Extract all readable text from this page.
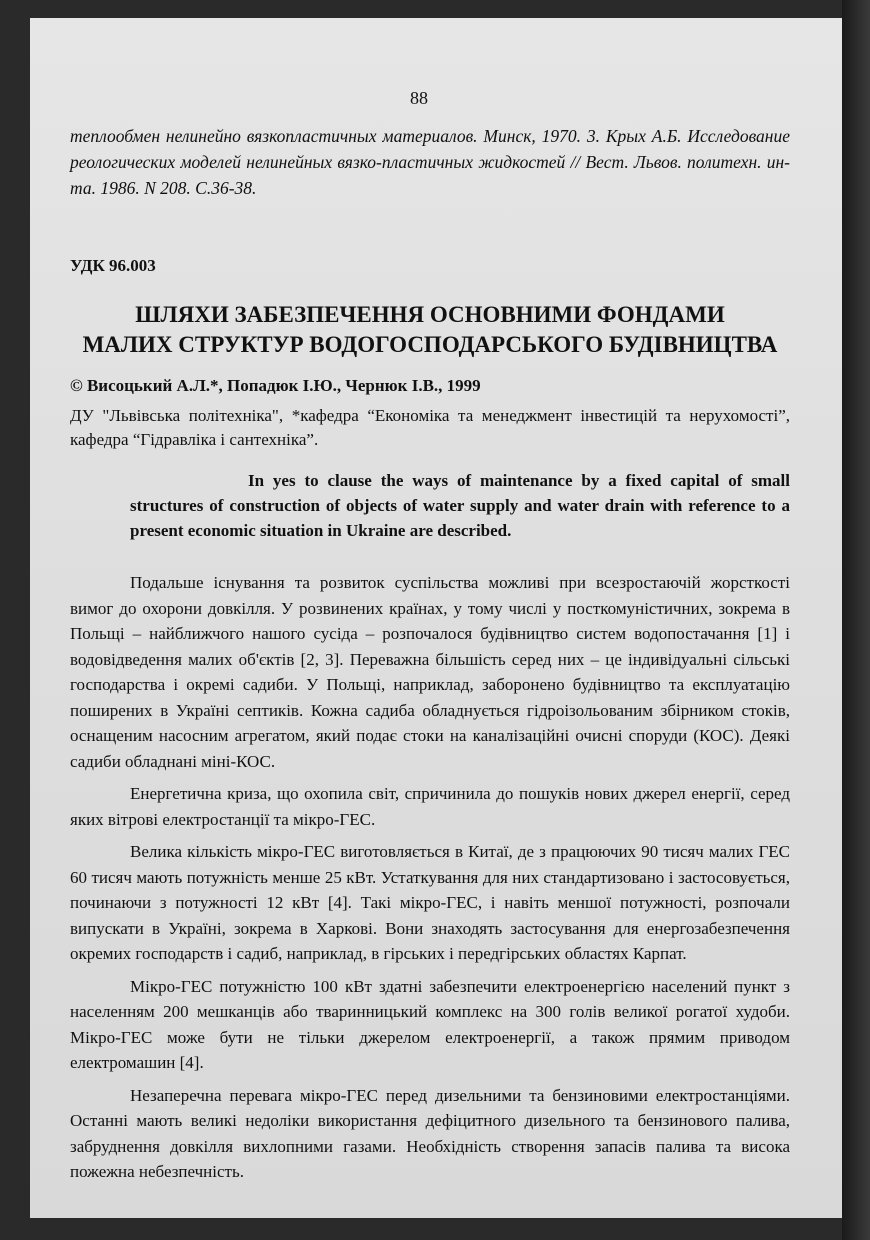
88
теплообмен нелинейно вязкопластичных материалов. Минск, 1970. 3. Крых А.Б. Исследование реологических моделей нелинейных вязко-пластичных жидкостей // Вест. Львов. политехн. ин-та. 1986. N 208. С.36-38.
УДК 96.003
ШЛЯХИ ЗАБЕЗПЕЧЕННЯ ОСНОВНИМИ ФОНДАМИ
МАЛИХ СТРУКТУР ВОДОГОСПОДАРСЬКОГО БУДІВНИЦТВА
© Висоцький А.Л.*, Попадюк І.Ю., Чернюк І.В., 1999
ДУ "Львівська політехніка", *кафедра “Економіка та менеджмент інвестицій та нерухомості”, кафедра “Гідравліка і сантехніка”.
In yes to clause the ways of maintenance by a fixed capital of small structures of construction of objects of water supply and water drain with reference to a present economic situation in Ukraine are described.

Подальше існування та розвиток суспільства можливі при всезростаючій жорсткості вимог до охорони довкілля. У розвинених країнах, у тому числі у посткомуністичних, зокрема в Польщі – найближчого нашого сусіда – розпочалося будівництво систем водопостачання [1] і водовідведення малих об'єктів [2, 3]. Переважна більшість серед них – це індивідуальні сільські господарства і окремі садиби. У Польщі, наприклад, заборонено будівництво та експлуатацію поширених в Україні септиків. Кожна садиба обладнується гідроізольованим збірником стоків, оснащеним насосним агрегатом, який подає стоки на каналізаційні очисні споруди (КОС). Деякі садиби обладнані міні-КОС.

Енергетична криза, що охопила світ, спричинила до пошуків нових джерел енергії, серед яких вітрові електростанції та мікро-ГЕС.

Велика кількість мікро-ГЕС виготовляється в Китаї, де з працюючих 90 тисяч малих ГЕС 60 тисяч мають потужність менше 25 кВт. Устаткування для них стандартизовано і застосовується, починаючи з потужності 12 кВт [4]. Такі мікро-ГЕС, і навіть меншої потужності, розпочали випускати в Україні, зокрема в Харкові. Вони знаходять застосування для енергозабезпечення окремих господарств і садиб, наприклад, в гірських і передгірських областях Карпат.

Мікро-ГЕС потужністю 100 кВт здатні забезпечити електроенергією населений пункт з населенням 200 мешканців або тваринницький комплекс на 300 голів великої рогатої худоби. Мікро-ГЕС може бути не тільки джерелом електроенергії, а також прямим приводом електромашин [4].

Незаперечна перевага мікро-ГЕС перед дизельними та бензиновими електростанціями. Останні мають великі недоліки використання дефіцитного дизельного та бензинового палива, забруднення довкілля вихлопними газами. Необхідність створення запасів палива та висока пожежна небезпечність.
